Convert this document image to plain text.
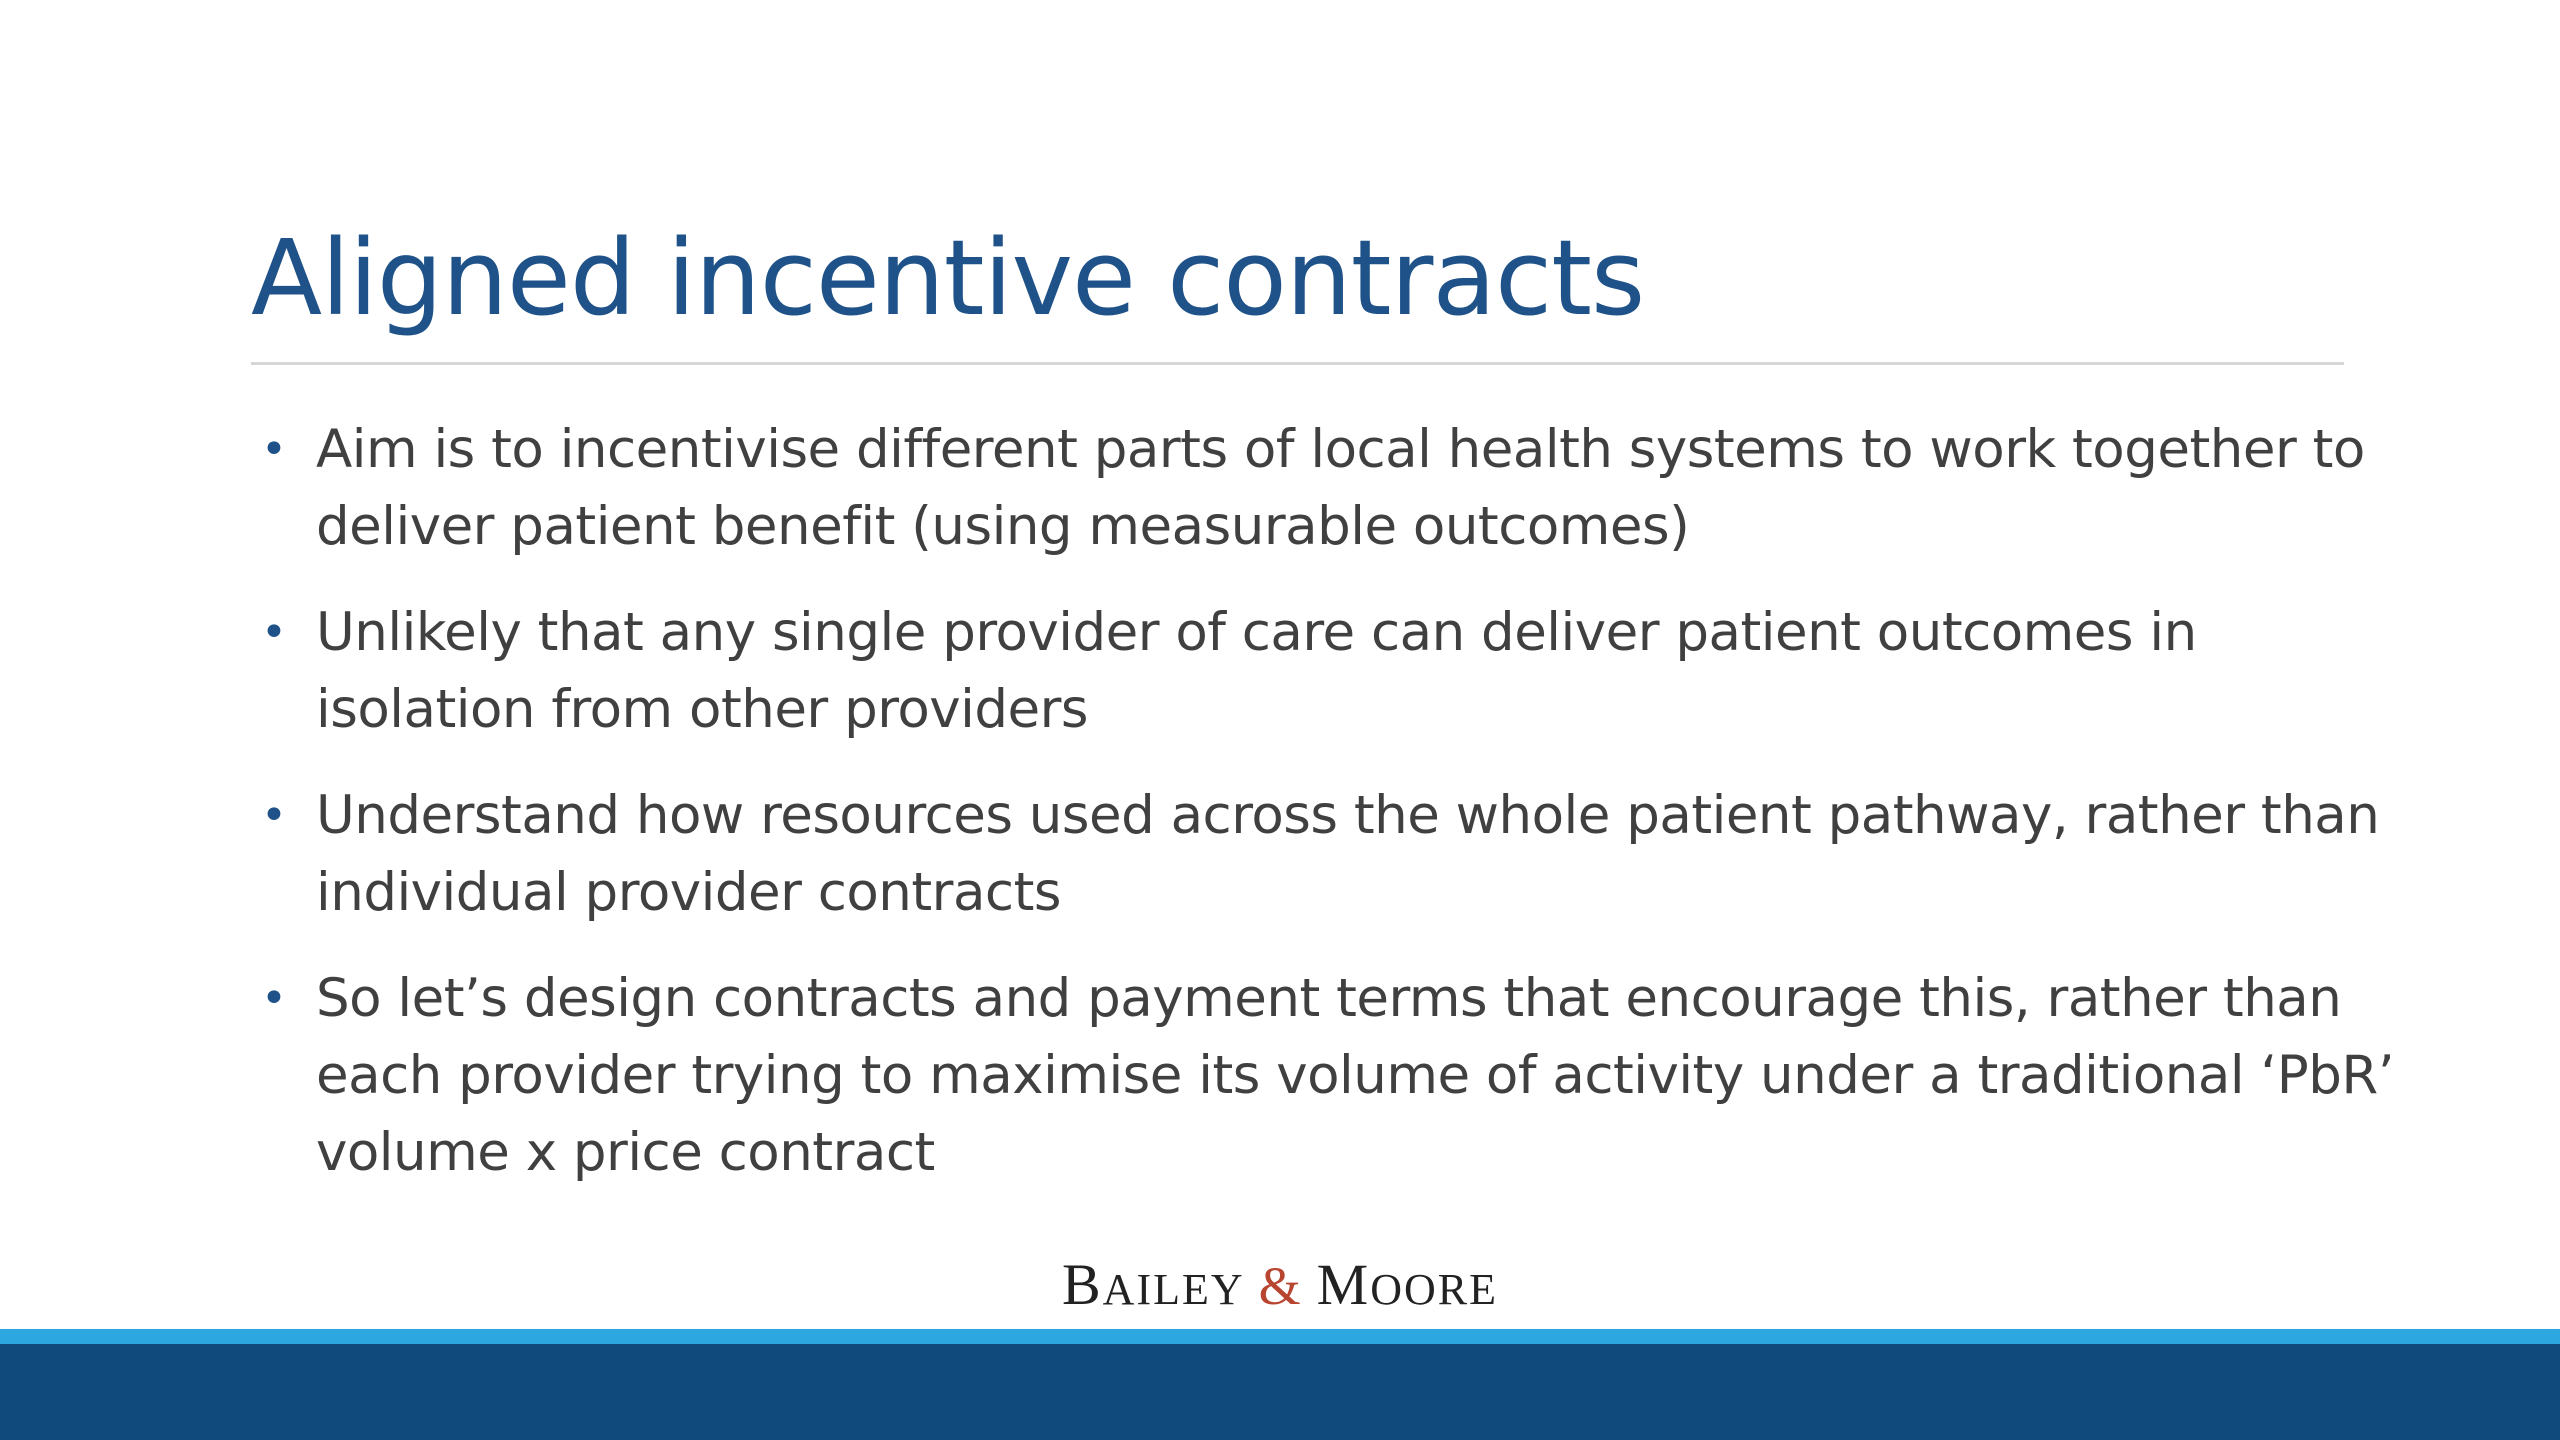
Aligned incentive contracts
• Aim is to incentivise different parts of local health systems to work together to deliver patient benefit (using measurable outcomes)
• Unlikely that any single provider of care can deliver patient outcomes in isolation from other providers
• Understand how resources used across the whole patient pathway, rather than individual provider contracts
• So let’s design contracts and payment terms that encourage this, rather than each provider trying to maximise its volume of activity under a traditional ‘PbR’ volume x price contract
BAILEY & MOORE
